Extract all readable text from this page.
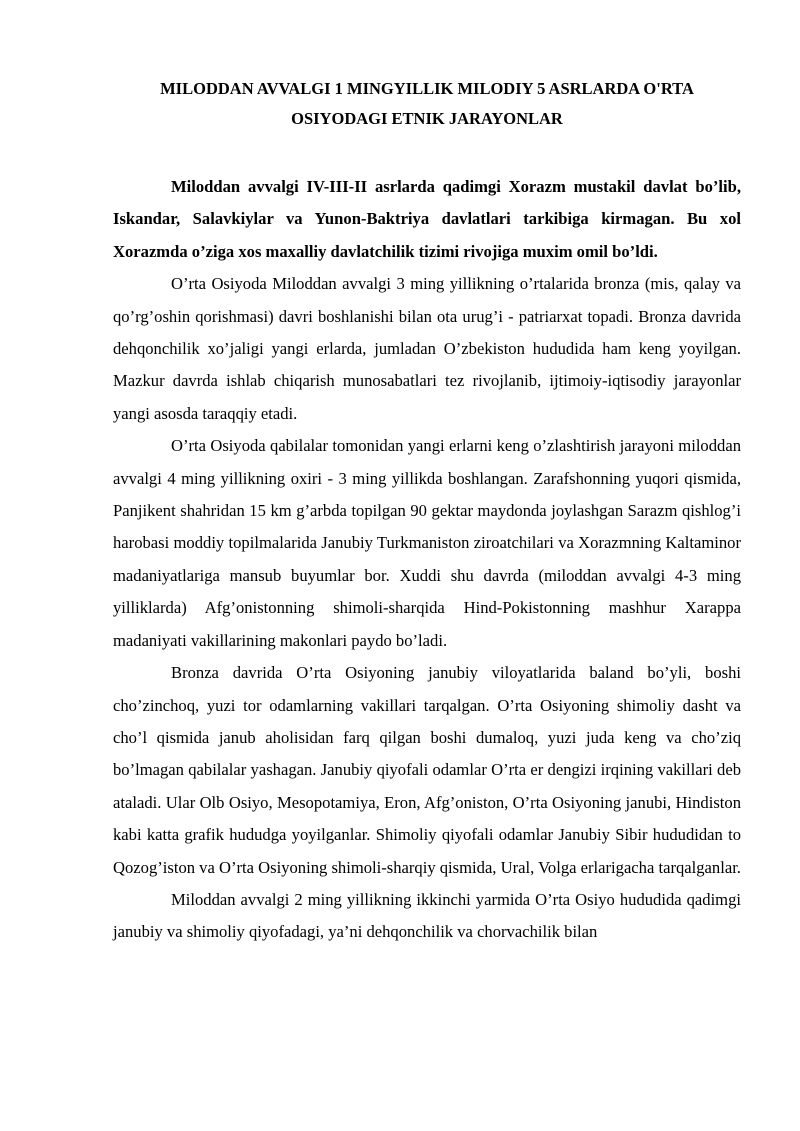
MILODDAN AVVALGI 1 MINGYILLIK MILODIY 5 ASRLARDA O'RTA
OSIYODAGI ETNIK JARAYONLAR

Miloddan avvalgi IV-III-II asrlarda qadimgi Xorazm mustakil davlat bo’lib, Iskandar, Salavkiylar va Yunon-Baktriya davlatlari tarkibiga kirmagan. Bu xol Xorazmda o’ziga xos maxalliy davlatchilik tizimi rivojiga muxim omil bo’ldi.

O’rta Osiyoda Miloddan avvalgi 3 ming yillikning o’rtalarida bronza (mis, qalay va qo’rg’oshin qorishmasi) davri boshlanishi bilan ota urug’i - patriarxat topadi. Bronza davrida dehqonchilik xo’jaligi yangi erlarda, jumladan O’zbekiston hududida ham keng yoyilgan. Mazkur davrda ishlab chiqarish munosabatlari tez rivojlanib, ijtimoiy-iqtisodiy jarayonlar yangi asosda taraqqiy etadi.

O’rta Osiyoda qabilalar tomonidan yangi erlarni keng o’zlashtirish jarayoni miloddan avvalgi 4 ming yillikning oxiri - 3 ming yillikda boshlangan. Zarafshonning yuqori qismida, Panjikent shahridan 15 km g’arbda topilgan 90 gektar maydonda joylashgan Sarazm qishlog’i harobasi moddiy topilmalarida Janubiy Turkmaniston ziroatchilari va Xorazmning Kaltaminor madaniyatlariga mansub buyumlar bor. Xuddi shu davrda (miloddan avvalgi 4-3 ming yilliklarda) Afg’onistonning shimoli-sharqida Hind-Pokistonning mashhur Xarappa madaniyati vakillarining makonlari paydo bo’ladi.

Bronza davrida O’rta Osiyoning janubiy viloyatlarida baland bo’yli, boshi cho’zinchoq, yuzi tor odamlarning vakillari tarqalgan. O’rta Osiyoning shimoliy dasht va cho’l qismida janub aholisidan farq qilgan boshi dumaloq, yuzi juda keng va cho’ziq bo’lmagan qabilalar yashagan. Janubiy qiyofali odamlar O’rta er dengizi irqining vakillari deb ataladi. Ular Olb Osiyo, Mesopotamiya, Eron, Afg’oniston, O’rta Osiyoning janubi, Hindiston kabi katta grafik hududga yoyilganlar. Shimoliy qiyofali odamlar Janubiy Sibir hududidan to Qozog’iston va O’rta Osiyoning shimoli-sharqiy qismida, Ural, Volga erlarigacha tarqalganlar.

Miloddan avvalgi 2 ming yillikning ikkinchi yarmida O’rta Osiyo hududida qadimgi janubiy va shimoliy qiyofadagi, ya’ni dehqonchilik va chorvachilik bilan
